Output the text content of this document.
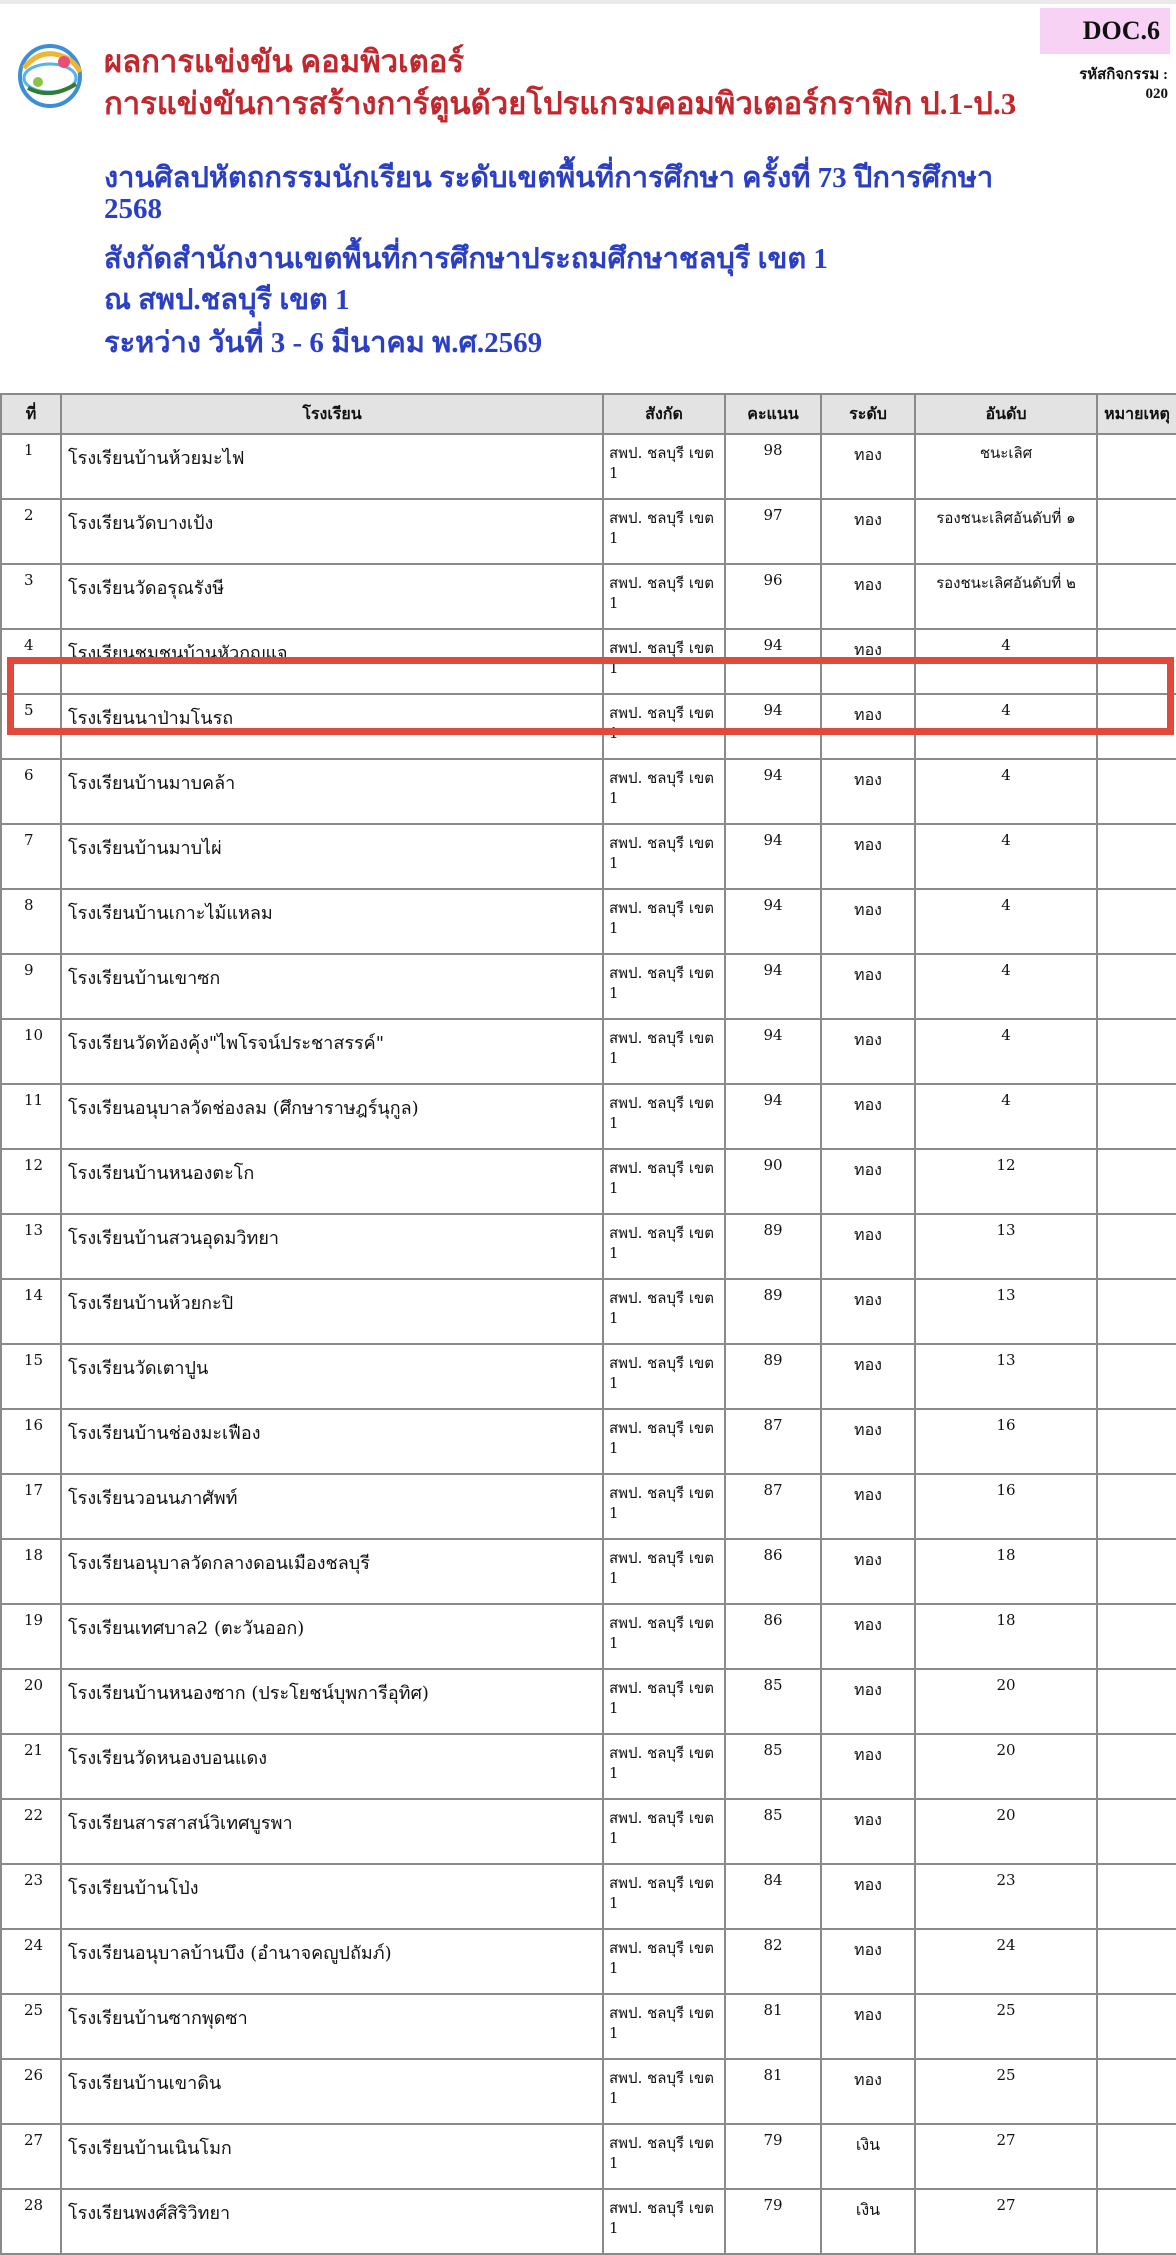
ผลการแข่งขัน คอมพิวเตอร์
การแข่งขันการสร้างการ์ตูนด้วยโปรแกรมคอมพิวเตอร์กราฟิก ป.1-ป.3
DOC.6
รหัสกิจกรรม :
020
งานศิลปหัตถกรรมนักเรียน ระดับเขตพื้นที่การศึกษา ครั้งที่ 73 ปีการศึกษา
2568
สังกัดสำนักงานเขตพื้นที่การศึกษาประถมศึกษาชลบุรี เขต 1
ณ สพป.ชลบุรี เขต 1
ระหว่าง วันที่ 3 - 6 มีนาคม พ.ศ.2569
ที่	โรงเรียน	สังกัด	คะแนน	ระดับ	อันดับ	หมายเหตุ
1	โรงเรียนบ้านห้วยมะไฟ	สพป. ชลบุรี เขต 1	98	ทอง	ชนะเลิศ	
2	โรงเรียนวัดบางเป้ง	สพป. ชลบุรี เขต 1	97	ทอง	รองชนะเลิศอันดับที่ ๑	
3	โรงเรียนวัดอรุณรังษี	สพป. ชลบุรี เขต 1	96	ทอง	รองชนะเลิศอันดับที่ ๒	
4	โรงเรียนชุมชนบ้านหัวกุญแจ	สพป. ชลบุรี เขต 1	94	ทอง	4	
5	โรงเรียนนาป่ามโนรถ	สพป. ชลบุรี เขต 1	94	ทอง	4	
6	โรงเรียนบ้านมาบคล้า	สพป. ชลบุรี เขต 1	94	ทอง	4	
7	โรงเรียนบ้านมาบไผ่	สพป. ชลบุรี เขต 1	94	ทอง	4	
8	โรงเรียนบ้านเกาะไม้แหลม	สพป. ชลบุรี เขต 1	94	ทอง	4	
9	โรงเรียนบ้านเขาซก	สพป. ชลบุรี เขต 1	94	ทอง	4	
10	โรงเรียนวัดท้องคุ้ง"ไพโรจน์ประชาสรรค์"	สพป. ชลบุรี เขต 1	94	ทอง	4	
11	โรงเรียนอนุบาลวัดช่องลม (ศึกษาราษฎร์นุกูล)	สพป. ชลบุรี เขต 1	94	ทอง	4	
12	โรงเรียนบ้านหนองตะโก	สพป. ชลบุรี เขต 1	90	ทอง	12	
13	โรงเรียนบ้านสวนอุดมวิทยา	สพป. ชลบุรี เขต 1	89	ทอง	13	
14	โรงเรียนบ้านห้วยกะปิ	สพป. ชลบุรี เขต 1	89	ทอง	13	
15	โรงเรียนวัดเตาปูน	สพป. ชลบุรี เขต 1	89	ทอง	13	
16	โรงเรียนบ้านช่องมะเฟือง	สพป. ชลบุรี เขต 1	87	ทอง	16	
17	โรงเรียนวอนนภาศัพท์	สพป. ชลบุรี เขต 1	87	ทอง	16	
18	โรงเรียนอนุบาลวัดกลางดอนเมืองชลบุรี	สพป. ชลบุรี เขต 1	86	ทอง	18	
19	โรงเรียนเทศบาล2 (ตะวันออก)	สพป. ชลบุรี เขต 1	86	ทอง	18	
20	โรงเรียนบ้านหนองซาก (ประโยชน์บุพการีอุทิศ)	สพป. ชลบุรี เขต 1	85	ทอง	20	
21	โรงเรียนวัดหนองบอนแดง	สพป. ชลบุรี เขต 1	85	ทอง	20	
22	โรงเรียนสารสาสน์วิเทศบูรพา	สพป. ชลบุรี เขต 1	85	ทอง	20	
23	โรงเรียนบ้านโป่ง	สพป. ชลบุรี เขต 1	84	ทอง	23	
24	โรงเรียนอนุบาลบ้านบึง (อำนาจคญูปถัมภ์)	สพป. ชลบุรี เขต 1	82	ทอง	24	
25	โรงเรียนบ้านซากพุดซา	สพป. ชลบุรี เขต 1	81	ทอง	25	
26	โรงเรียนบ้านเขาดิน	สพป. ชลบุรี เขต 1	81	ทอง	25	
27	โรงเรียนบ้านเนินโมก	สพป. ชลบุรี เขต 1	79	เงิน	27	
28	โรงเรียนพงศ์สิริวิทยา	สพป. ชลบุรี เขต 1	79	เงิน	27	
